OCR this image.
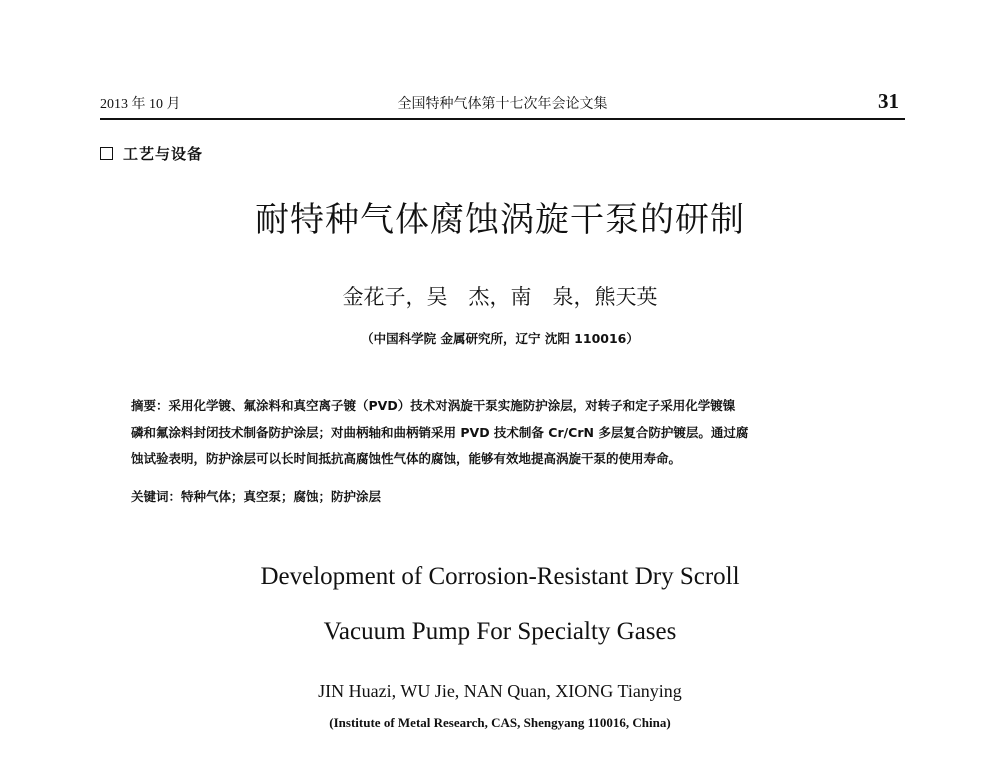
2013 年 10 月	全国特种气体第十七次年会论文集	31
工艺与设备
耐特种气体腐蚀涡旋干泵的研制
金花子，吴　杰，南　泉，熊天英
（中国科学院 金属研究所，辽宁 沈阳 110016）
摘要：采用化学镀、氟涂料和真空离子镀（PVD）技术对涡旋干泵实施防护涂层，对转子和定子采用化学镀镍
磷和氟涂料封闭技术制备防护涂层；对曲柄轴和曲柄销采用 PVD 技术制备 Cr/CrN 多层复合防护镀层。通过腐
蚀试验表明，防护涂层可以长时间抵抗高腐蚀性气体的腐蚀，能够有效地提高涡旋干泵的使用寿命。
关键词：特种气体；真空泵；腐蚀；防护涂层
Development of Corrosion-Resistant Dry Scroll
Vacuum Pump For Specialty Gases
JIN Huazi, WU Jie, NAN Quan, XIONG Tianying
(Institute of Metal Research, CAS, Shengyang 110016, China)
